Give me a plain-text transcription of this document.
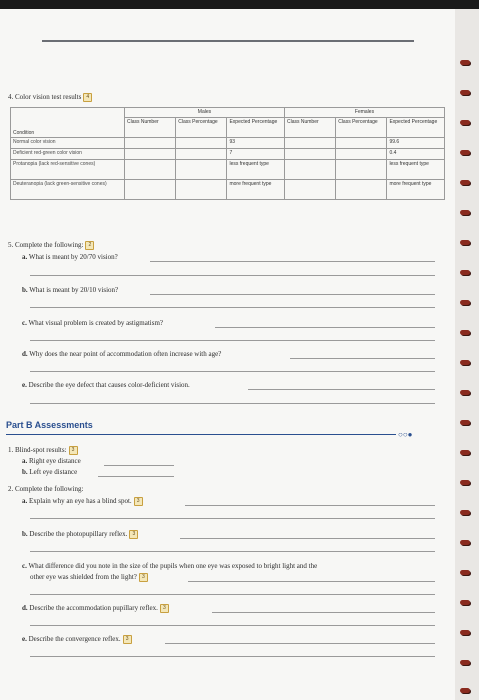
4. Color vision test results 4
Condition	Males			Females		
	Class Number	Class Percentage	Expected Percentage	Class Number	Class Percentage	Expected Percentage
Normal color vision			93			99.6
Deficient red-green color vision			7			0.4
Protanopia (lack red-sensitive cones)			less frequent type			less frequent type
Deuteranopia (lack green-sensitive cones)			more frequent type			more frequent type
5. Complete the following: 2
a. What is meant by 20/70 vision?
b. What is meant by 20/10 vision?
c. What visual problem is created by astigmatism?
d. Why does the near point of accommodation often increase with age?
e. Describe the eye defect that causes color-deficient vision.
Part B Assessments
○○●
1. Blind-spot results: 3
a. Right eye distance
b. Left eye distance
2. Complete the following:
a. Explain why an eye has a blind spot. 3
b. Describe the photopupillary reflex. 3
c. What difference did you note in the size of the pupils when one eye was exposed to bright light and the
other eye was shielded from the light? 3
d. Describe the accommodation pupillary reflex. 3
e. Describe the convergence reflex. 3
